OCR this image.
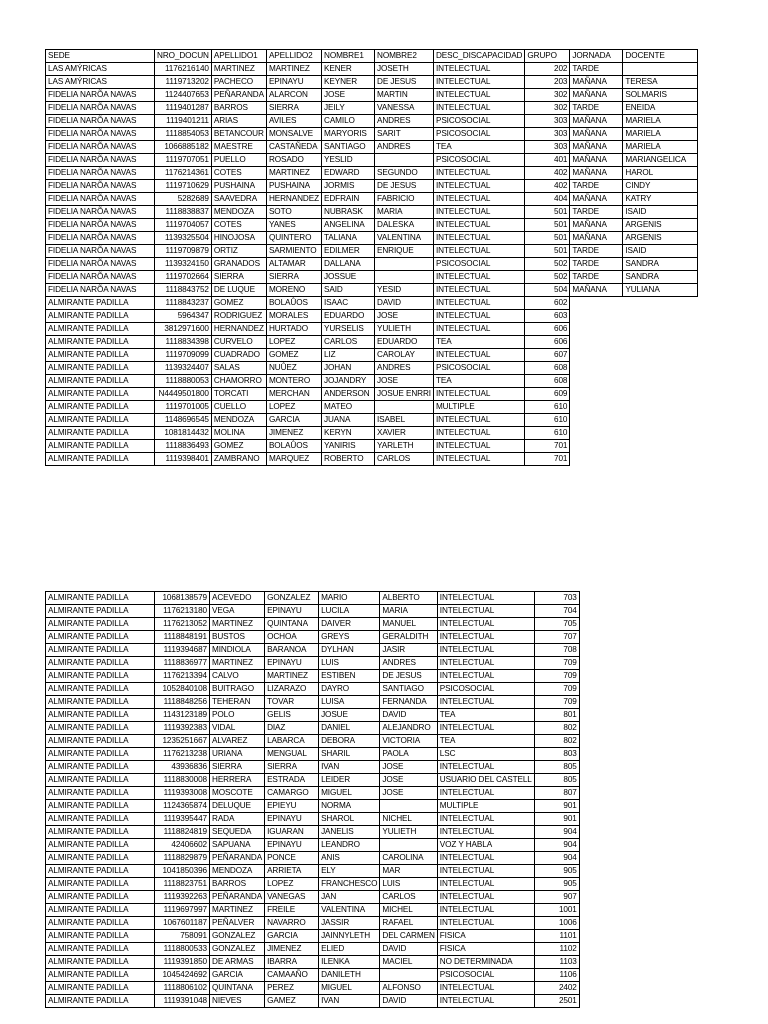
SEDE	NRO_DOCUN	APELLIDO1	APELLIDO2	NOMBRE1	NOMBRE2	DESC_DISCAPACIDAD	GRUPO	JORNADA	DOCENTE
LAS AMÝRICAS	1176216140	MARTINEZ	MARTINEZ	KENER	JOSETH	INTELECTUAL	202	TARDE	
LAS AMÝRICAS	1119713202	PACHECO	EPINAYU	KEYNER	DE JESUS	INTELECTUAL	203	MAÑANA	TERESA
FIDELIA NARÕA NAVAS	1124407653	PEÑARANDA	ALARCON	JOSE	MARTIN	INTELECTUAL	302	MAÑANA	SOLMARIS
FIDELIA NARÕA NAVAS	1119401287	BARROS	SIERRA	JEILY	VANESSA	INTELECTUAL	302	TARDE	ENEIDA
FIDELIA NARÕA NAVAS	1119401211	ARIAS	AVILES	CAMILO	ANDRES	PSICOSOCIAL	303	MAÑANA	MARIELA
FIDELIA NARÕA NAVAS	1118854053	BETANCOUR	MONSALVE	MARYORIS	SARIT	PSICOSOCIAL	303	MAÑANA	MARIELA
FIDELIA NARÕA NAVAS	1066885182	MAESTRE	CASTAÑEDA	SANTIAGO	ANDRES	TEA	303	MAÑANA	MARIELA
FIDELIA NARÕA NAVAS	1119707051	PUELLO	ROSADO	YESLID		PSICOSOCIAL	401	MAÑANA	MARIANGELICA
FIDELIA NARÕA NAVAS	1176214361	COTES	MARTINEZ	EDWARD	SEGUNDO	INTELECTUAL	402	MAÑANA	HAROL
FIDELIA NARÕA NAVAS	1119710629	PUSHAINA	PUSHAINA	JORMIS	DE JESUS	INTELECTUAL	402	TARDE	CINDY
FIDELIA NARÕA NAVAS	5282689	SAAVEDRA	HERNANDEZ	EDFRAIN	FABRICIO	INTELECTUAL	404	MAÑANA	KATRY
FIDELIA NARÕA NAVAS	1118838837	MENDOZA	SOTO	NUBRASK	MARIA	INTELECTUAL	501	TARDE	ISAID
FIDELIA NARÕA NAVAS	1119704057	COTES	YANES	ANGELINA	DALESKA	INTELECTUAL	501	MAÑANA	ARGENIS
FIDELIA NARÕA NAVAS	1139325504	HINOJOSA	QUINTERO	TALIANA	VALENTINA	INTELECTUAL	501	MAÑANA	ARGENIS
FIDELIA NARÕA NAVAS	1119709879	ORTIZ	SARMIENTO	EDILMER	ENRIQUE	INTELECTUAL	501	TARDE	ISAID
FIDELIA NARÕA NAVAS	1139324150	GRANADOS	ALTAMAR	DALLANA		PSICOSOCIAL	502	TARDE	SANDRA
FIDELIA NARÕA NAVAS	1119702664	SIERRA	SIERRA	JOSSUE		INTELECTUAL	502	TARDE	SANDRA
FIDELIA NARÕA NAVAS	1118843752	DE LUQUE	MORENO	SAID	YESID	INTELECTUAL	504	MAÑANA	YULIANA
ALMIRANTE PADILLA	1118843237	GOMEZ	BOLAÛOS	ISAAC	DAVID	INTELECTUAL	602		
ALMIRANTE PADILLA	5964347	RODRIGUEZ	MORALES	EDUARDO	JOSE	INTELECTUAL	603		
ALMIRANTE PADILLA	3812971600	HERNANDEZ	HURTADO	YURSELIS	YULIETH	INTELECTUAL	606		
ALMIRANTE PADILLA	1118834398	CURVELO	LOPEZ	CARLOS	EDUARDO	TEA	606		
ALMIRANTE PADILLA	1119709099	CUADRADO	GOMEZ	LIZ	CAROLAY	INTELECTUAL	607		
ALMIRANTE PADILLA	1139324407	SALAS	NUÛEZ	JOHAN	ANDRES	PSICOSOCIAL	608		
ALMIRANTE PADILLA	1118880053	CHAMORRO	MONTERO	JOJANDRY	JOSE	TEA	608		
ALMIRANTE PADILLA	N4449501800	TORCATI	MERCHAN	ANDERSON	JOSUE ENRRI	INTELECTUAL	609		
ALMIRANTE PADILLA	1119701005	CUELLO	LOPEZ	MATEO		MULTIPLE	610		
ALMIRANTE PADILLA	1148696545	MENDOZA	GARCIA	JUANA	ISABEL	INTELECTUAL	610		
ALMIRANTE PADILLA	1081814432	MOLINA	JIMENEZ	KERYN	XAVIER	INTELECTUAL	610		
ALMIRANTE PADILLA	1118836493	GOMEZ	BOLAÛOS	YANIRIS	YARLETH	INTELECTUAL	701		
ALMIRANTE PADILLA	1119398401	ZAMBRANO	MARQUEZ	ROBERTO	CARLOS	INTELECTUAL	701		
ALMIRANTE PADILLA	1068138579	ACEVEDO	GONZALEZ	MARIO	ALBERTO	INTELECTUAL	703
ALMIRANTE PADILLA	1176213180	VEGA	EPINAYU	LUCILA	MARIA	INTELECTUAL	704
ALMIRANTE PADILLA	1176213052	MARTINEZ	QUINTANA	DAIVER	MANUEL	INTELECTUAL	705
ALMIRANTE PADILLA	1118848191	BUSTOS	OCHOA	GREYS	GERALDITH	INTELECTUAL	707
ALMIRANTE PADILLA	1119394687	MINDIOLA	BARANOA	DYLHAN	JASIR	INTELECTUAL	708
ALMIRANTE PADILLA	1118836977	MARTINEZ	EPINAYU	LUIS	ANDRES	INTELECTUAL	709
ALMIRANTE PADILLA	1176213394	CALVO	MARTINEZ	ESTIBEN	DE JESUS	INTELECTUAL	709
ALMIRANTE PADILLA	1052840108	BUITRAGO	LIZARAZO	DAYRO	SANTIAGO	PSICOSOCIAL	709
ALMIRANTE PADILLA	1118848256	TEHERAN	TOVAR	LUISA	FERNANDA	INTELECTUAL	709
ALMIRANTE PADILLA	1143123189	POLO	GELIS	JOSUE	DAVID	TEA	801
ALMIRANTE PADILLA	1119392383	VIDAL	DIAZ	DANIEL	ALEJANDRO	INTELECTUAL	802
ALMIRANTE PADILLA	1235251667	ALVAREZ	LABARCA	DEBORA	VICTORIA	TEA	802
ALMIRANTE PADILLA	1176213238	URIANA	MENGUAL	SHARIL	PAOLA	LSC	803
ALMIRANTE PADILLA	43936836	SIERRA	SIERRA	IVAN	JOSE	INTELECTUAL	805
ALMIRANTE PADILLA	1118830008	HERRERA	ESTRADA	LEIDER	JOSE	USUARIO DEL CASTELL	805
ALMIRANTE PADILLA	1119393008	MOSCOTE	CAMARGO	MIGUEL	JOSE	INTELECTUAL	807
ALMIRANTE PADILLA	1124365874	DELUQUE	EPIEYU	NORMA		MULTIPLE	901
ALMIRANTE PADILLA	1119395447	RADA	EPINAYU	SHAROL	NICHEL	INTELECTUAL	901
ALMIRANTE PADILLA	1118824819	SEQUEDA	IGUARAN	JANELIS	YULIETH	INTELECTUAL	904
ALMIRANTE PADILLA	42406602	SAPUANA	EPINAYU	LEANDRO		VOZ Y HABLA	904
ALMIRANTE PADILLA	1118829879	PEÑARANDA	PONCE	ANIS	CAROLINA	INTELECTUAL	904
ALMIRANTE PADILLA	1041850396	MENDOZA	ARRIETA	ELY	MAR	INTELECTUAL	905
ALMIRANTE PADILLA	1118823751	BARROS	LOPEZ	FRANCHESCO	LUIS	INTELECTUAL	905
ALMIRANTE PADILLA	1119392263	PEÑARANDA	VANEGAS	JAN	CARLOS	INTELECTUAL	907
ALMIRANTE PADILLA	1119697997	MARTINEZ	FREILE	VALENTINA	MICHEL	INTELECTUAL	1001
ALMIRANTE PADILLA	1067601187	PEÑALVER	NAVARRO	JASSIR	RAFAEL	INTELECTUAL	1006
ALMIRANTE PADILLA	758091	GONZALEZ	GARCIA	JAINNYLETH	DEL CARMEN	FISICA	1101
ALMIRANTE PADILLA	1118800533	GONZALEZ	JIMENEZ	ELIED	DAVID	FISICA	1102
ALMIRANTE PADILLA	1119391850	DE ARMAS	IBARRA	ILENKA	MACIEL	NO DETERMINADA	1103
ALMIRANTE PADILLA	1045424692	GARCIA	CAMAAÑO	DANILETH		PSICOSOCIAL	1106
ALMIRANTE PADILLA	1118806102	QUINTANA	PEREZ	MIGUEL	ALFONSO	INTELECTUAL	2402
ALMIRANTE PADILLA	1119391048	NIEVES	GAMEZ	IVAN	DAVID	INTELECTUAL	2501
